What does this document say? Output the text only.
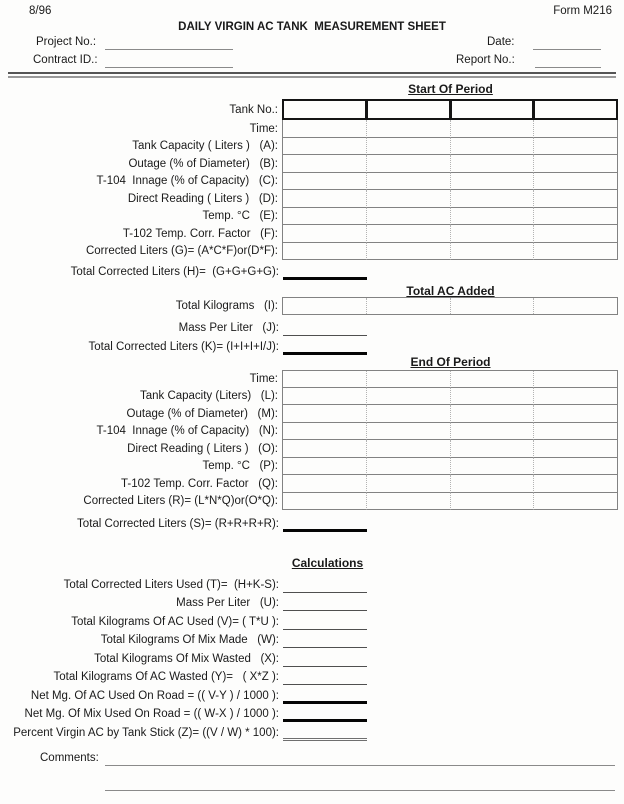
8/96	Form M216
DAILY VIRGIN AC TANK  MEASUREMENT SHEET
Project No.:
Contract ID.:
Date:
Report No.:
Start Of Period
Tank No.:
Time:
Tank Capacity ( Liters )   (A):
Outage (% of Diameter)   (B):
T-104  Innage (% of Capacity)   (C):
Direct Reading ( Liters )   (D):
Temp. °C   (E):
T-102 Temp. Corr. Factor   (F):
Corrected Liters (G)= (A*C*F)or(D*F):
Total Corrected Liters (H)=  (G+G+G+G):
Total AC Added
Total Kilograms   (I):
Mass Per Liter   (J):
Total Corrected Liters (K)= (I+I+I+I/J):
End Of Period
Time:
Tank Capacity (Liters)   (L):
Outage (% of Diameter)   (M):
T-104  Innage (% of Capacity)   (N):
Direct Reading ( Liters )   (O):
Temp. °C   (P):
T-102 Temp. Corr. Factor   (Q):
Corrected Liters (R)= (L*N*Q)or(O*Q):
Total Corrected Liters (S)= (R+R+R+R):
Calculations
Total Corrected Liters Used (T)=  (H+K-S):
Mass Per Liter   (U):
Total Kilograms Of AC Used (V)= ( T*U ):
Total Kilograms Of Mix Made   (W):
Total Kilograms Of Mix Wasted   (X):
Total Kilograms Of AC Wasted (Y)=   ( X*Z ):
Net Mg. Of AC Used On Road = (( V-Y ) / 1000 ):
Net Mg. Of Mix Used On Road = (( W-X ) / 1000 ):
Percent Virgin AC by Tank Stick (Z)= ((V / W) * 100):
Comments:
